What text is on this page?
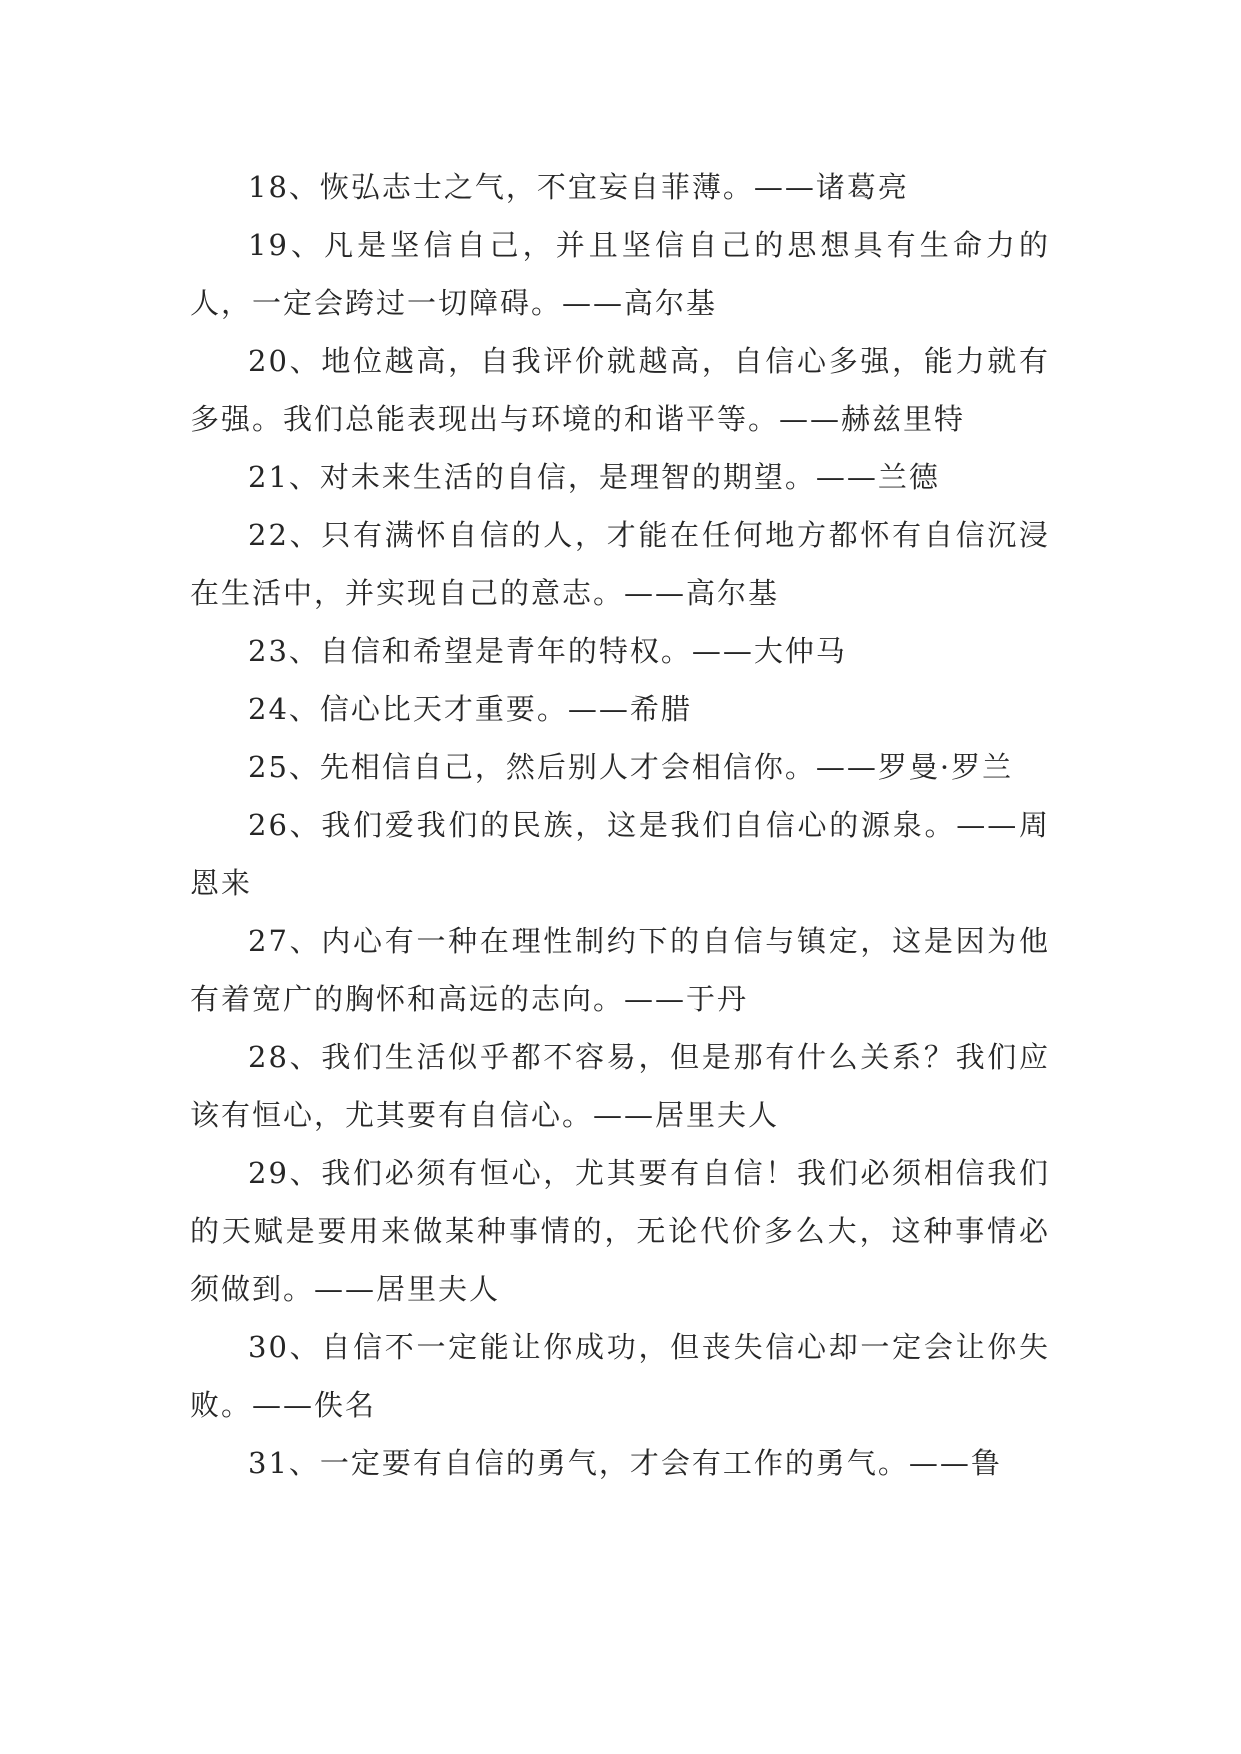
18、恢弘志士之气，不宜妄自菲薄。——诸葛亮

19、凡是坚信自己，并且坚信自己的思想具有生命力的人，一定会跨过一切障碍。——高尔基

20、地位越高，自我评价就越高，自信心多强，能力就有多强。我们总能表现出与环境的和谐平等。——赫兹里特

21、对未来生活的自信，是理智的期望。——兰德

22、只有满怀自信的人，才能在任何地方都怀有自信沉浸在生活中，并实现自己的意志。——高尔基

23、自信和希望是青年的特权。——大仲马

24、信心比天才重要。——希腊

25、先相信自己，然后别人才会相信你。——罗曼·罗兰

26、我们爱我们的民族，这是我们自信心的源泉。——周恩来

27、内心有一种在理性制约下的自信与镇定，这是因为他有着宽广的胸怀和高远的志向。——于丹

28、我们生活似乎都不容易，但是那有什么关系？我们应该有恒心，尤其要有自信心。——居里夫人

29、我们必须有恒心，尤其要有自信！我们必须相信我们的天赋是要用来做某种事情的，无论代价多么大，这种事情必须做到。——居里夫人

30、自信不一定能让你成功，但丧失信心却一定会让你失败。——佚名

31、一定要有自信的勇气，才会有工作的勇气。——鲁
